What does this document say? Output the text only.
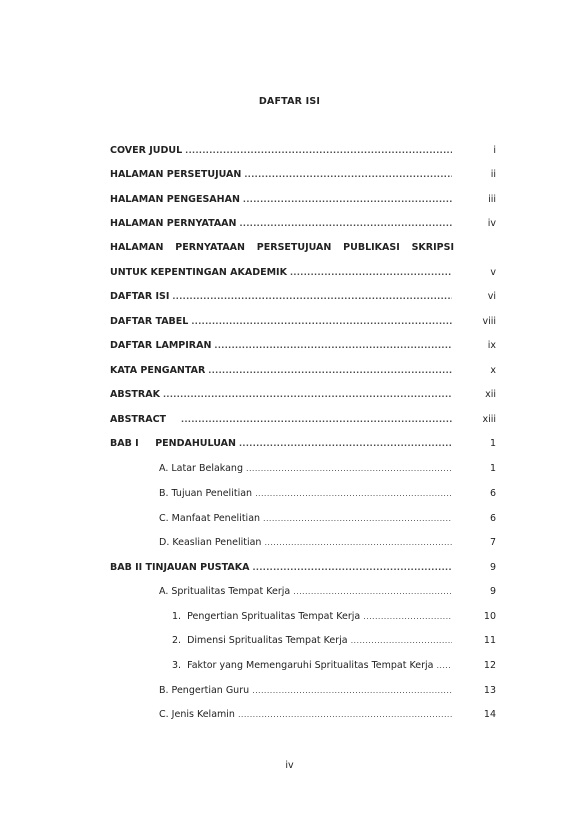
DAFTAR ISI
COVER JUDUL .....	i
HALAMAN PERSETUJUAN .....	ii
HALAMAN PENGESAHAN .....	iii
HALAMAN PERNYATAAN .....	iv
HALAMAN PERNYATAAN PERSETUJUAN PUBLIKASI SKRIPSI
UNTUK KEPENTINGAN AKADEMIK .....	v
DAFTAR ISI .....	vi
DAFTAR TABEL .....	viii
DAFTAR LAMPIRAN .....	ix
KATA PENGANTAR .....	x
ABSTRAK .....	xii
ABSTRACT .....	xiii
BAB I     PENDAHULUAN .....	1
A. Latar Belakang .....	1
B. Tujuan Penelitian .....	6
C. Manfaat Penelitian .....	6
D. Keaslian Penelitian .....	7
BAB II TINJAUAN PUSTAKA .....	9
A. Spritualitas Tempat Kerja .....	9
1.  Pengertian Spritualitas Tempat Kerja .....	10
2.  Dimensi Spritualitas Tempat Kerja .....	11
3.  Faktor yang Memengaruhi Spritualitas Tempat Kerja .....	12
B. Pengertian Guru .....	13
C. Jenis Kelamin .....	14
iv
